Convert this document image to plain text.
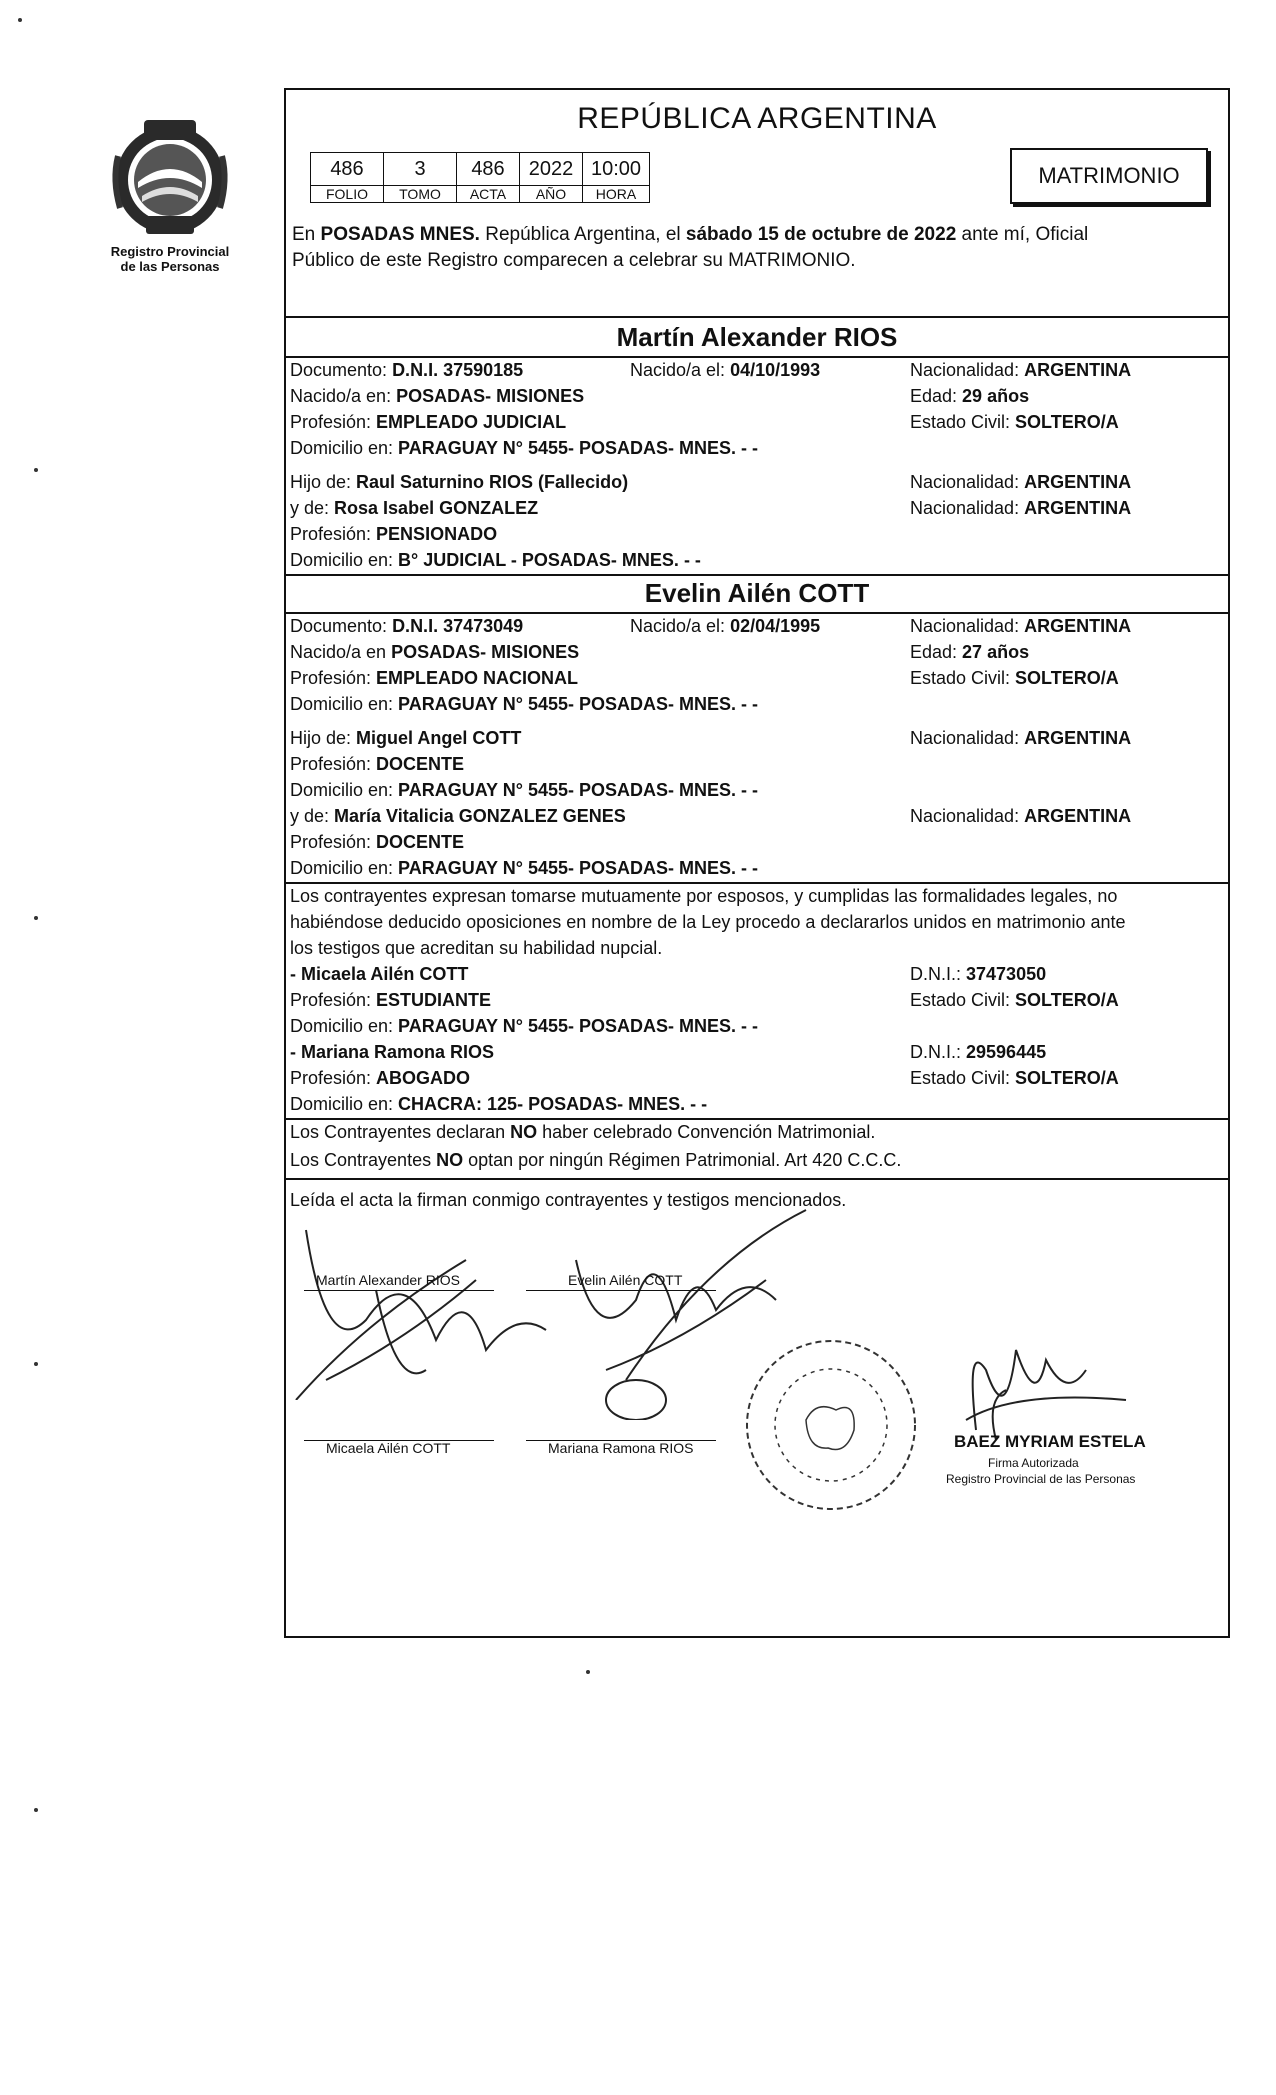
Registro Provincial
de las Personas
REPÚBLICA ARGENTINA
486	3	486	2022	10:00
FOLIO	TOMO	ACTA	AÑO	HORA
MATRIMONIO
En POSADAS MNES. República Argentina, el sábado 15 de octubre de 2022 ante mí, Oficial
Público de este Registro comparecen a celebrar su MATRIMONIO.
Martín Alexander RIOS
Documento: D.N.I. 37590185	Nacido/a el: 04/10/1993	Nacionalidad: ARGENTINA
Nacido/a en: POSADAS- MISIONES	Edad: 29 años
Profesión: EMPLEADO JUDICIAL	Estado Civil: SOLTERO/A
Domicilio en: PARAGUAY N° 5455- POSADAS- MNES. - -
Hijo de: Raul Saturnino RIOS (Fallecido)	Nacionalidad: ARGENTINA
y de: Rosa Isabel GONZALEZ	Nacionalidad: ARGENTINA
Profesión: PENSIONADO
Domicilio en: B° JUDICIAL - POSADAS- MNES. - -
Evelin Ailén COTT
Documento: D.N.I. 37473049	Nacido/a el: 02/04/1995	Nacionalidad: ARGENTINA
Nacido/a en POSADAS- MISIONES	Edad: 27 años
Profesión: EMPLEADO NACIONAL	Estado Civil: SOLTERO/A
Domicilio en: PARAGUAY N° 5455- POSADAS- MNES. - -
Hijo de: Miguel Angel COTT	Nacionalidad: ARGENTINA
Profesión: DOCENTE
Domicilio en: PARAGUAY N° 5455- POSADAS- MNES. - -
y de: María Vitalicia GONZALEZ GENES	Nacionalidad: ARGENTINA
Profesión: DOCENTE
Domicilio en: PARAGUAY N° 5455- POSADAS- MNES. - -
Los contrayentes expresan tomarse mutuamente por esposos, y cumplidas las formalidades legales, no
habiéndose deducido oposiciones en nombre de la Ley procedo a declararlos unidos en matrimonio ante
los testigos que acreditan su habilidad nupcial.
- Micaela Ailén COTT	D.N.I.: 37473050
Profesión: ESTUDIANTE	Estado Civil: SOLTERO/A
Domicilio en: PARAGUAY N° 5455- POSADAS- MNES. - -
- Mariana Ramona RIOS	D.N.I.: 29596445
Profesión: ABOGADO	Estado Civil: SOLTERO/A
Domicilio en: CHACRA: 125- POSADAS- MNES. - -
Los Contrayentes declaran NO haber celebrado Convención Matrimonial.
Los Contrayentes NO optan por ningún Régimen Patrimonial. Art 420 C.C.C.
Leída el acta la firman conmigo contrayentes y testigos mencionados.
Martín Alexander RIOS	Evelin Ailén COTT
Micaela Ailén COTT	Mariana Ramona RIOS	BAEZ MYRIAM ESTELA
Firma Autorizada
Registro Provincial de las Personas
